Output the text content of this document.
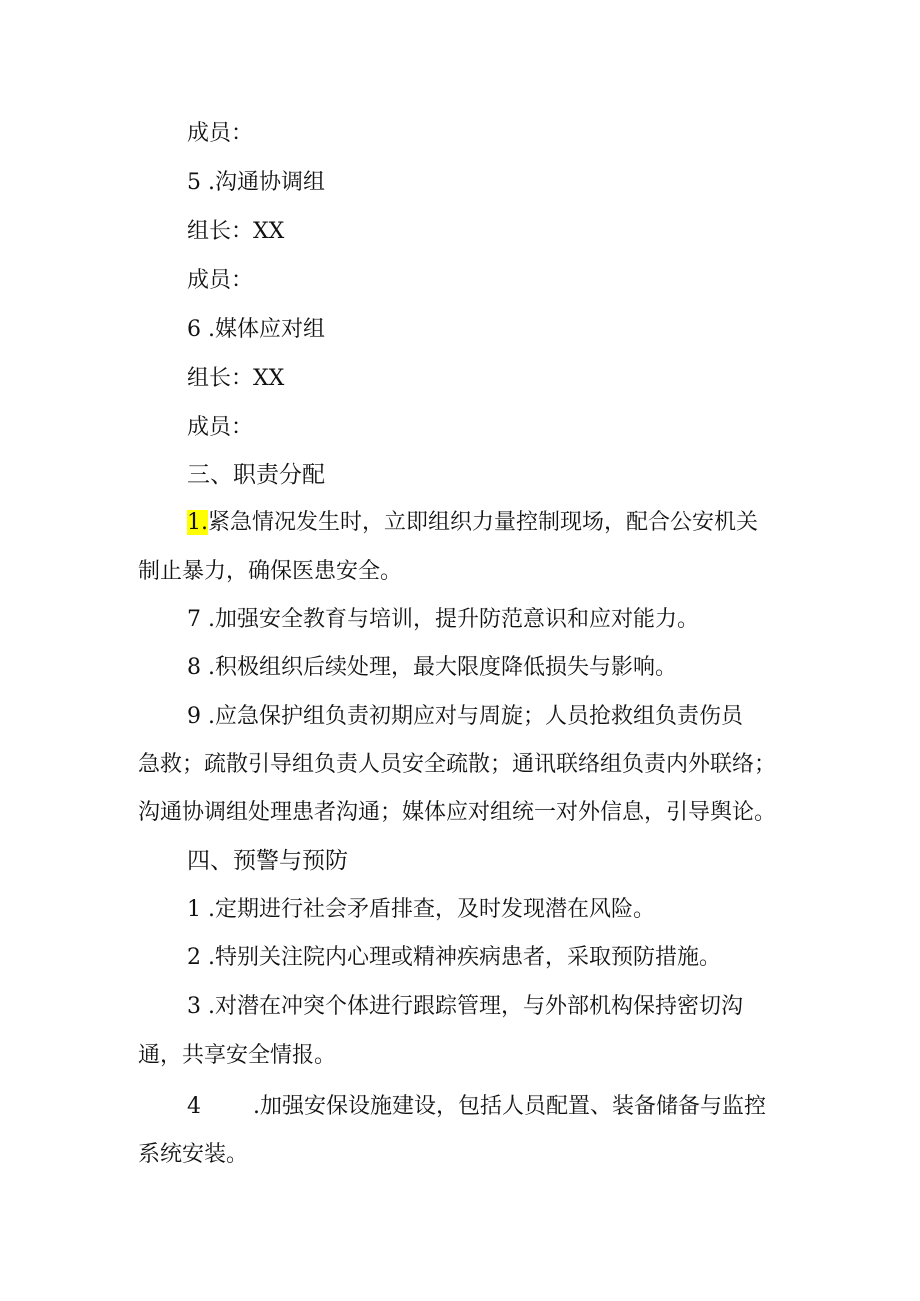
成员：
5 .沟通协调组
组长：XX
成员：
6 .媒体应对组
组长：XX
成员：
三、职责分配
1.紧急情况发生时，立即组织力量控制现场，配合公安机关
制止暴力，确保医患安全。
7 .加强安全教育与培训，提升防范意识和应对能力。
8 .积极组织后续处理，最大限度降低损失与影响。
9 .应急保护组负责初期应对与周旋；人员抢救组负责伤员
急救；疏散引导组负责人员安全疏散；通讯联络组负责内外联络；
沟通协调组处理患者沟通；媒体应对组统一对外信息，引导舆论。
四、预警与预防
1 .定期进行社会矛盾排查，及时发现潜在风险。
2 .特别关注院内心理或精神疾病患者，采取预防措施。
3 .对潜在冲突个体进行跟踪管理，与外部机构保持密切沟
通，共享安全情报。
4 .加强安保设施建设，包括人员配置、装备储备与监控
系统安装。
